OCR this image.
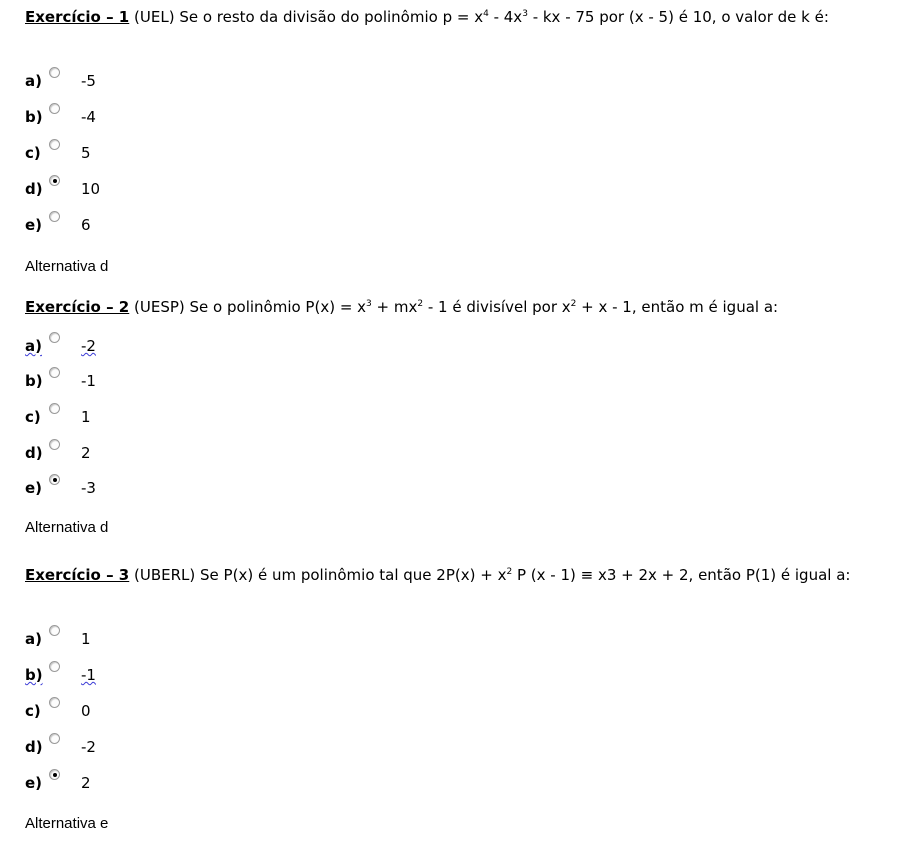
Exercício – 1 (UEL) Se o resto da divisão do polinômio $p = x^4 - 4x^3$ - kx - 75 por (x - 5) é 10, o valor de k é:

a)	-5
b)	-4
c)	5
d)	10
e)	6
Alternativa d

Exercício – 2 (UESP) Se o polinômio $P(x) = x^3 + mx^2 - 1$ é divisível por $x^2 + x - 1$, então m é igual a:

a)	-2
b)	-1
c)	1
d)	2
e)	-3
Alternativa d

Exercício – 3 (UBERL) Se P(x) é um polinômio tal que $2P(x) + x^2$ P (x - 1) ≡ x3 + 2x + 2, então P(1) é igual a:

a)	1
b)	-1
c)	0
d)	-2
e)	2
Alternativa e
